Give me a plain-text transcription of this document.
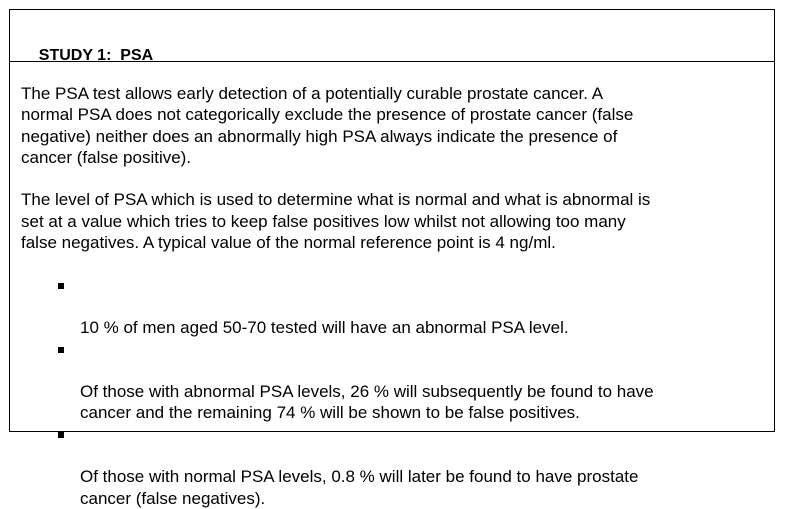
STUDY 1:  PSA

The PSA test allows early detection of a potentially curable prostate cancer. A
normal PSA does not categorically exclude the presence of prostate cancer (false
negative) neither does an abnormally high PSA always indicate the presence of
cancer (false positive).

The level of PSA which is used to determine what is normal and what is abnormal is
set at a value which tries to keep false positives low whilst not allowing too many
false negatives. A typical value of the normal reference point is 4 ng/ml.

10 % of men aged 50-70 tested will have an abnormal PSA level.

Of those with abnormal PSA levels, 26 % will subsequently be found to have
cancer and the remaining 74 % will be shown to be false positives.

Of those with normal PSA levels, 0.8 % will later be found to have prostate
cancer (false negatives).
